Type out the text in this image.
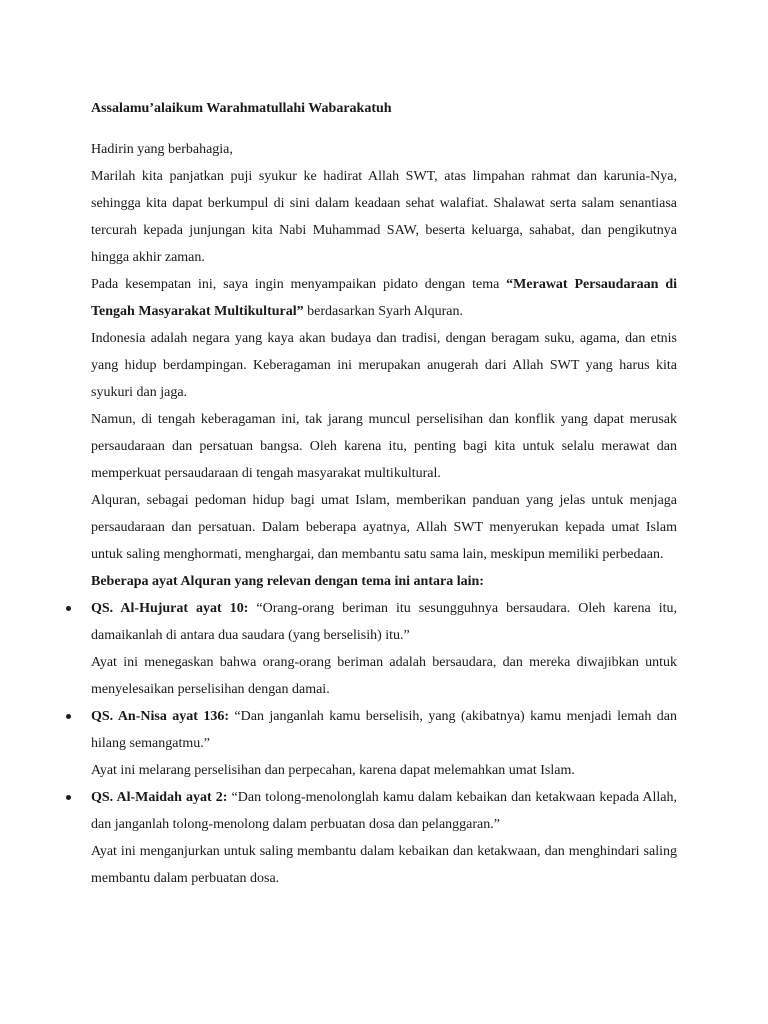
Assalamu’alaikum Warahmatullahi Wabarakatuh

Hadirin yang berbahagia,

Marilah kita panjatkan puji syukur ke hadirat Allah SWT, atas limpahan rahmat dan karunia-Nya, sehingga kita dapat berkumpul di sini dalam keadaan sehat walafiat. Shalawat serta salam senantiasa tercurah kepada junjungan kita Nabi Muhammad SAW, beserta keluarga, sahabat, dan pengikutnya hingga akhir zaman.

Pada kesempatan ini, saya ingin menyampaikan pidato dengan tema “Merawat Persaudaraan di Tengah Masyarakat Multikultural” berdasarkan Syarh Alquran.

Indonesia adalah negara yang kaya akan budaya dan tradisi, dengan beragam suku, agama, dan etnis yang hidup berdampingan. Keberagaman ini merupakan anugerah dari Allah SWT yang harus kita syukuri dan jaga.

Namun, di tengah keberagaman ini, tak jarang muncul perselisihan dan konflik yang dapat merusak persaudaraan dan persatuan bangsa. Oleh karena itu, penting bagi kita untuk selalu merawat dan memperkuat persaudaraan di tengah masyarakat multikultural.

Alquran, sebagai pedoman hidup bagi umat Islam, memberikan panduan yang jelas untuk menjaga persaudaraan dan persatuan. Dalam beberapa ayatnya, Allah SWT menyerukan kepada umat Islam untuk saling menghormati, menghargai, dan membantu satu sama lain, meskipun memiliki perbedaan.

Beberapa ayat Alquran yang relevan dengan tema ini antara lain:

QS. Al-Hujurat ayat 10: “Orang-orang beriman itu sesungguhnya bersaudara. Oleh karena itu, damaikanlah di antara dua saudara (yang berselisih) itu.”

Ayat ini menegaskan bahwa orang-orang beriman adalah bersaudara, dan mereka diwajibkan untuk menyelesaikan perselisihan dengan damai.

QS. An-Nisa ayat 136: “Dan janganlah kamu berselisih, yang (akibatnya) kamu menjadi lemah dan hilang semangatmu.”

Ayat ini melarang perselisihan dan perpecahan, karena dapat melemahkan umat Islam.

QS. Al-Maidah ayat 2: “Dan tolong-menolonglah kamu dalam kebaikan dan ketakwaan kepada Allah, dan janganlah tolong-menolong dalam perbuatan dosa dan pelanggaran.”

Ayat ini menganjurkan untuk saling membantu dalam kebaikan dan ketakwaan, dan menghindari saling membantu dalam perbuatan dosa.
